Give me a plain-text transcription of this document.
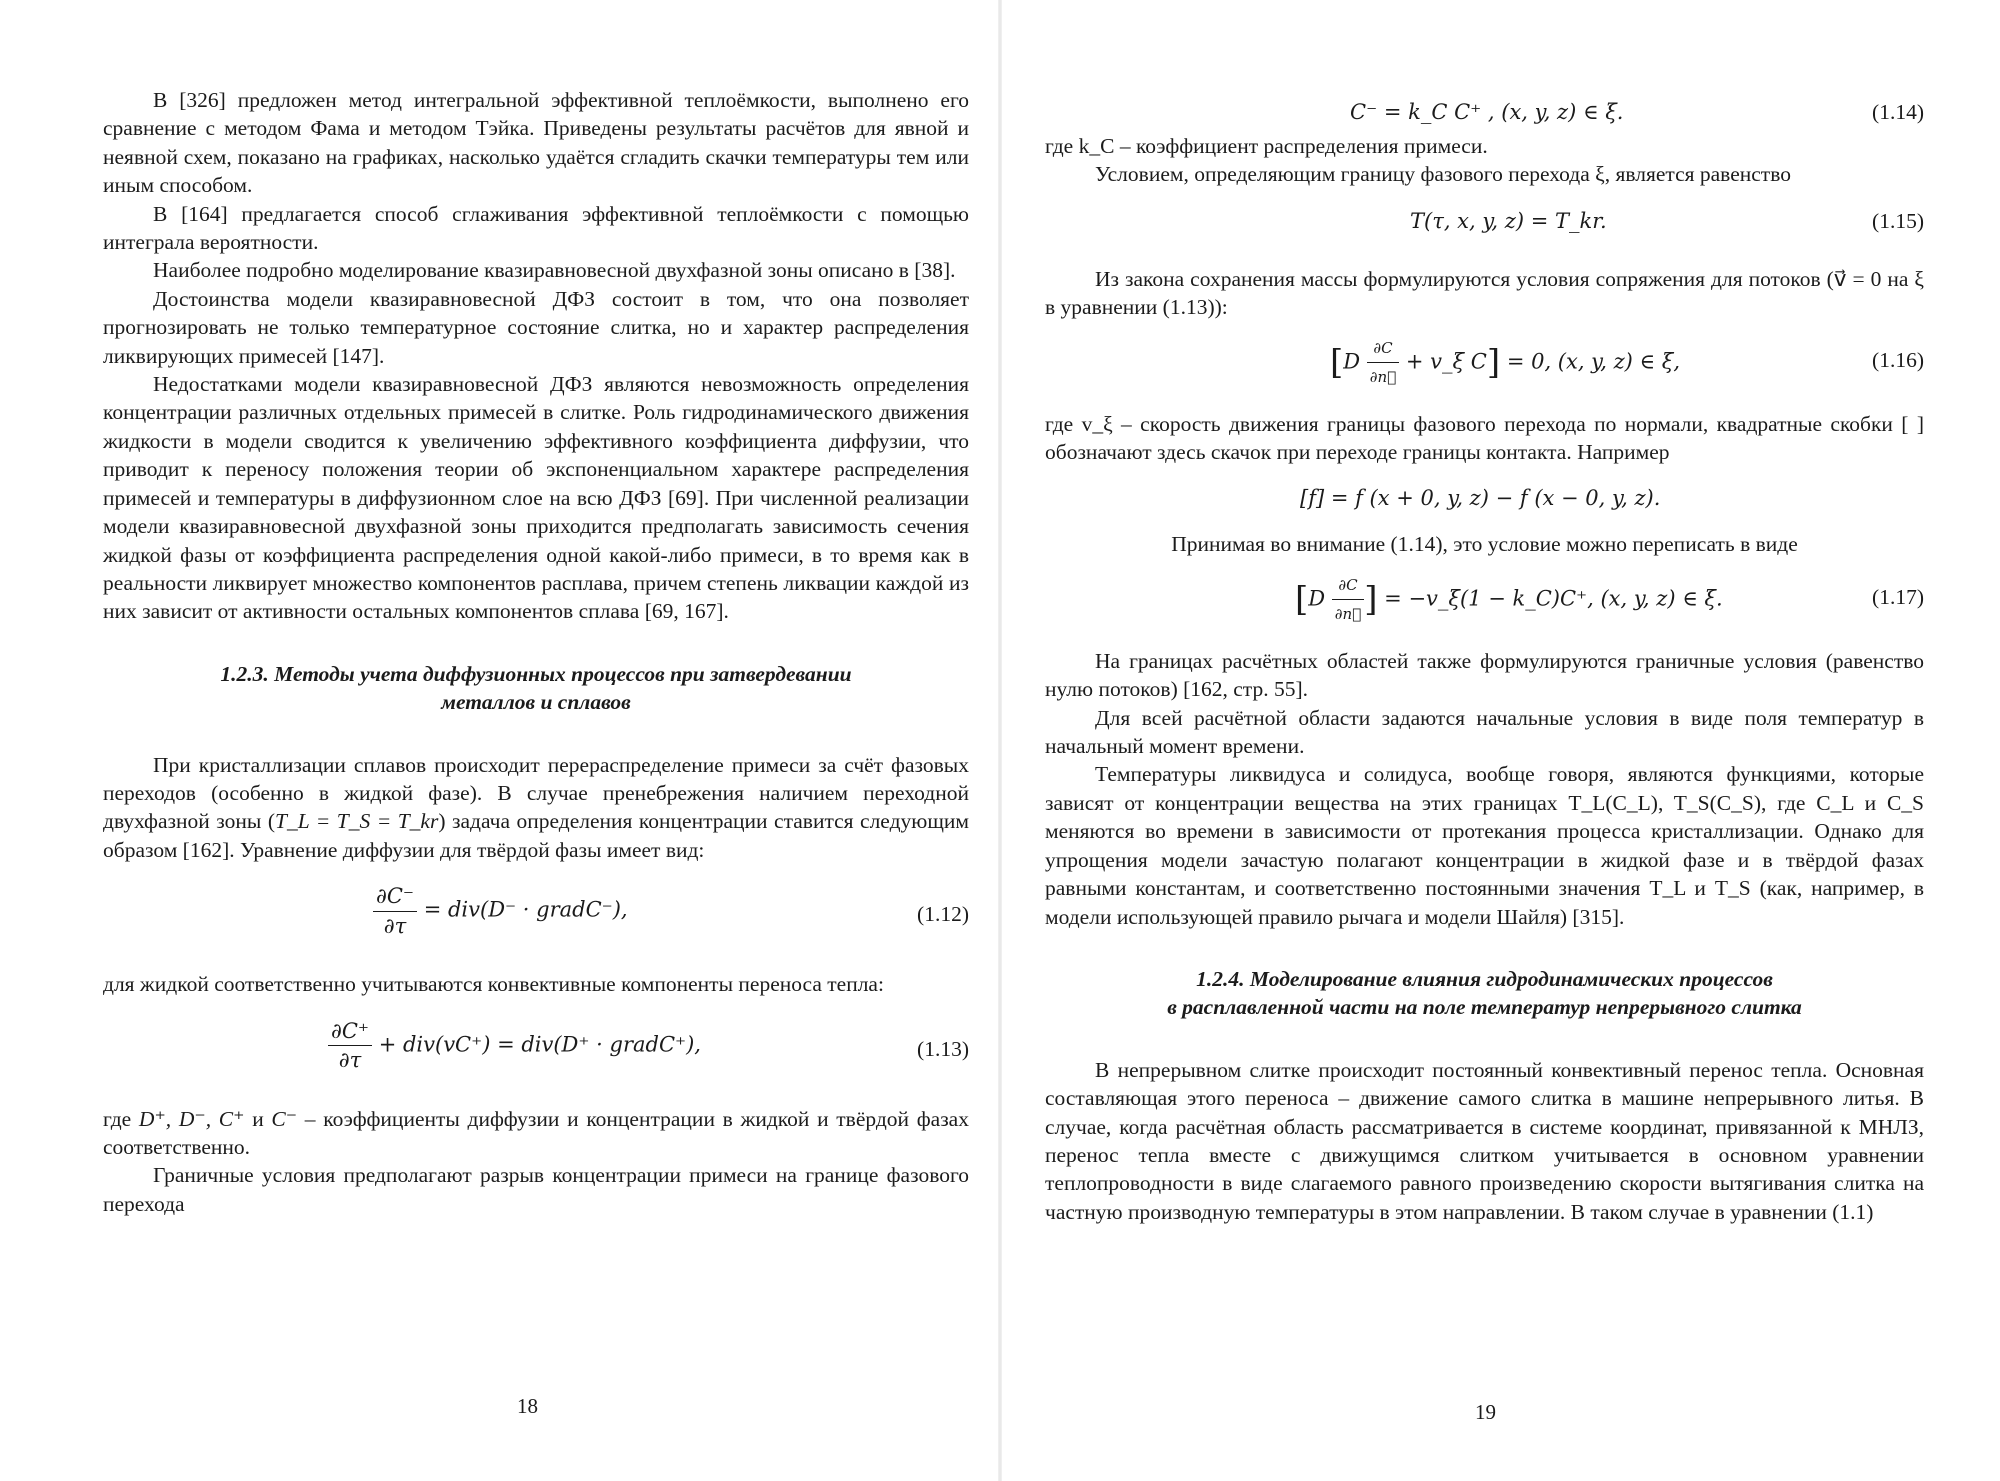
В [326] предложен метод интегральной эффективной теплоёмкости, выполнено его сравнение с методом Фама и методом Тэйка. Приведены результаты расчётов для явной и неявной схем, показано на графиках, насколько удаётся сгладить скачки температуры тем или иным способом.

В [164] предлагается способ сглаживания эффективной теплоёмкости с помощью интеграла вероятности.

Наиболее подробно моделирование квазиравновесной двухфазной зоны описано в [38].

Достоинства модели квазиравновесной ДФЗ состоит в том, что она позволяет прогнозировать не только температурное состояние слитка, но и характер распределения ликвирующих примесей [147].

Недостатками модели квазиравновесной ДФЗ являются невозможность определения концентрации различных отдельных примесей в слитке. Роль гидродинамического движения жидкости в модели сводится к увеличению эффективного коэффициента диффузии, что приводит к переносу положения теории об экспоненциальном характере распределения примесей и температуры в диффузионном слое на всю ДФЗ [69]. При численной реализации модели квазиравновесной двухфазной зоны приходится предполагать зависимость сечения жидкой фазы от коэффициента распределения одной какой-либо примеси, в то время как в реальности ликвирует множество компонентов расплава, причем степень ликвации каждой из них зависит от активности остальных компонентов сплава [69, 167].

1.2.3. Методы учета диффузионных процессов при затвердевании
металлов и сплавов

При кристаллизации сплавов происходит перераспределение примеси за счёт фазовых переходов (особенно в жидкой фазе). В случае пренебрежения наличием переходной двухфазной зоны (T_L = T_S = T_kr) задача определения концентрации ставится следующим образом [162]. Уравнение диффузии для твёрдой фазы имеет вид:

$\frac{\partial C^-}{\partial\tau} = div(D^-$ · gradC⁻),	(1.12)

для жидкой соответственно учитываются конвективные компоненты переноса тепла:

$\frac{\partial C^+}{\partial\tau} + div(vC^+) = div(D^+$ · gradC⁺),	(1.13)

где D⁺, D⁻, C⁺ и C⁻ – коэффициенты диффузии и концентрации в жидкой и твёрдой фазах соответственно.

Граничные условия предполагают разрыв концентрации примеси на границе фазового перехода

18
C⁻ = k_C C⁺ , (x, y, z) ∈ ξ.	(1.14)

где k_C – коэффициент распределения примеси.

Условием, определяющим границу фазового перехода ξ, является равенство

T(τ, x, y, z) = T_kr.	(1.15)

Из закона сохранения массы формулируются условия сопряжения для потоков (v⃗ = 0 на ξ в уравнении (1.13)):

[$D \frac{\partial C}{\partial n⃗}$ + v_ξ C] = 0, (x, y, z) ∈ ξ,	(1.16)

где v_ξ – скорость движения границы фазового перехода по нормали, квадратные скобки [ ] обозначают здесь скачок при переходе границы контакта. Например

[f] = f (x + 0, y, z) − f (x − 0, y, z).

Принимая во внимание (1.14), это условие можно переписать в виде

[$D \frac{\partial C}{\partial n⃗}$ ] = −v_ξ(1 − k_C)C⁺, (x, y, z) ∈ ξ.	(1.17)

На границах расчётных областей также формулируются граничные условия (равенство нулю потоков) [162, стр. 55].

Для всей расчётной области задаются начальные условия в виде поля температур в начальный момент времени.

Температуры ликвидуса и солидуса, вообще говоря, являются функциями, которые зависят от концентрации вещества на этих границах T_L(C_L), T_S(C_S), где C_L и C_S меняются во времени в зависимости от протекания процесса кристаллизации. Однако для упрощения модели зачастую полагают концентрации в жидкой фазе и в твёрдой фазах равными константам, и соответственно постоянными значения T_L и T_S (как, например, в модели использующей правило рычага и модели Шайля) [315].

1.2.4. Моделирование влияния гидродинамических процессов
в расплавленной части на поле температур непрерывного слитка

В непрерывном слитке происходит постоянный конвективный перенос тепла. Основная составляющая этого переноса – движение самого слитка в машине непрерывного литья. В случае, когда расчётная область рассматривается в системе координат, привязанной к МНЛЗ, перенос тепла вместе с движущимся слитком учитывается в основном уравнении теплопроводности в виде слагаемого равного произведению скорости вытягивания слитка на частную производную температуры в этом направлении. В таком случае в уравнении (1.1)

19
